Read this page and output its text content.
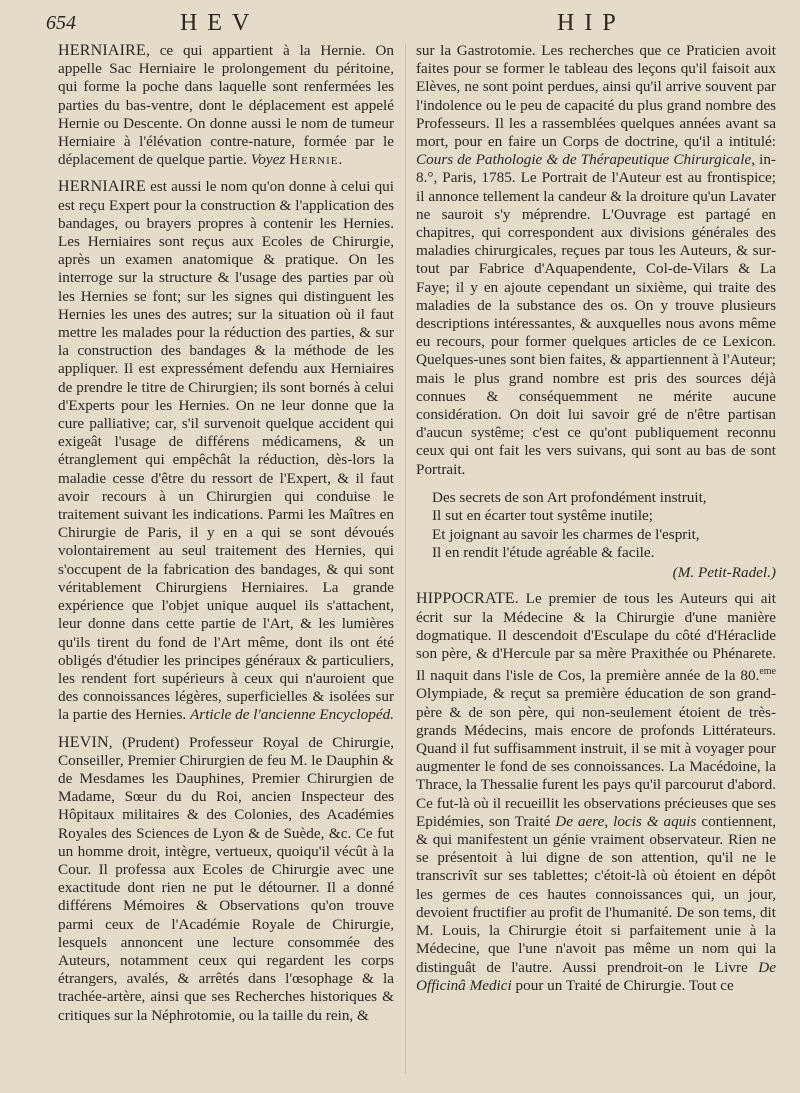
654	HEV	HIP

HERNIAIRE, ce qui appartient à la Hernie. On appelle Sac Herniaire le prolongement du péritoine, qui forme la poche dans laquelle sont renfermées les parties du bas-ventre, dont le déplacement est appelé Hernie ou Descente. On donne aussi le nom de tumeur Herniaire à l'élévation contre-nature, formée par le déplacement de quelque partie. Voyez Hernie.

HERNIAIRE est aussi le nom qu'on donne à celui qui est reçu Expert pour la construction & l'application des bandages, ou brayers propres à contenir les Hernies. Les Herniaires sont reçus aux Ecoles de Chirurgie, après un examen anatomique & pratique. On les interroge sur la structure & l'usage des parties par où les Hernies se font; sur les signes qui distinguent les Hernies les unes des autres; sur la situation où il faut mettre les malades pour la réduction des parties, & sur la construction des bandages & la méthode de les appliquer. Il est expressément defendu aux Herniaires de prendre le titre de Chirurgien; ils sont bornés à celui d'Experts pour les Hernies. On ne leur donne que la cure palliative; car, s'il survenoit quelque accident qui exigeât l'usage de différens médicamens, & un étranglement qui empêchât la réduction, dès-lors la maladie cesse d'être du ressort de l'Expert, & il faut avoir recours à un Chirurgien qui conduise le traitement suivant les indications. Parmi les Maîtres en Chirurgie de Paris, il y en a qui se sont dévoués volontairement au seul traitement des Hernies, qui s'occupent de la fabrication des bandages, & qui sont véritablement Chirurgiens Herniaires. La grande expérience que l'objet unique auquel ils s'attachent, leur donne dans cette partie de l'Art, & les lumières qu'ils tirent du fond de l'Art même, dont ils ont été obligés d'étudier les principes généraux & particuliers, les rendent fort supérieurs à ceux qui n'auroient que des connoissances légères, superficielles & isolées sur la partie des Hernies. Article de l'ancienne Encyclopéd.

HEVIN, (Prudent) Professeur Royal de Chirurgie, Conseiller, Premier Chirurgien de feu M. le Dauphin & de Mesdames les Dauphines, Premier Chirurgien de Madame, Sœur du du Roi, ancien Inspecteur des Hôpitaux militaires & des Colonies, des Académies Royales des Sciences de Lyon & de Suède, &c. Ce fut un homme droit, intègre, vertueux, quoiqu'il vécût à la Cour. Il professa aux Ecoles de Chirurgie avec une exactitude dont rien ne put le détourner. Il a donné différens Mémoires & Observations qu'on trouve parmi ceux de l'Académie Royale de Chirurgie, lesquels annoncent une lecture consommée des Auteurs, notamment ceux qui regardent les corps étrangers, avalés, & arrêtés dans l'œsophage & la trachée-artère, ainsi que ses Recherches historiques & critiques sur la Néphrotomie, ou la taille du rein, &

sur la Gastrotomie. Les recherches que ce Praticien avoit faites pour se former le tableau des leçons qu'il faisoit aux Elèves, ne sont point perdues, ainsi qu'il arrive souvent par l'indolence ou le peu de capacité du plus grand nombre des Professeurs. Il les a rassemblées quelques années avant sa mort, pour en faire un Corps de doctrine, qu'il a intitulé: Cours de Pathologie & de Thérapeutique Chirurgicale, in-8.°, Paris, 1785. Le Portrait de l'Auteur est au frontispice; il annonce tellement la candeur & la droiture qu'un Lavater ne sauroit s'y méprendre. L'Ouvrage est partagé en chapitres, qui correspondent aux divisions générales des maladies chirurgicales, reçues par tous les Auteurs, & sur-tout par Fabrice d'Aquapendente, Col-de-Vilars & La Faye; il y en ajoute cependant un sixième, qui traite des maladies de la substance des os. On y trouve plusieurs descriptions intéressantes, & auxquelles nous avons même eu recours, pour former quelques articles de ce Lexicon. Quelques-unes sont bien faites, & appartiennent à l'Auteur; mais le plus grand nombre est pris des sources déjà connues & conséquemment ne mérite aucune considération. On doit lui savoir gré de n'être partisan d'aucun systême; c'est ce qu'ont publiquement reconnu ceux qui ont fait les vers suivans, qui sont au bas de sont Portrait.

Des secrets de son Art profondément instruit,
Il sut en écarter tout systême inutile;
Et joignant au savoir les charmes de l'esprit,
Il en rendit l'étude agréable & facile.
(M. Petit-Radel.)

HIPPOCRATE. Le premier de tous les Auteurs qui ait écrit sur la Médecine & la Chirurgie d'une manière dogmatique. Il descendoit d'Esculape du côté d'Héraclide son père, & d'Hercule par sa mère Praxithée ou Phénarete. Il naquit dans l'isle de Cos, la première année de la 80.$^{eme}$ Olympiade, & reçut sa première éducation de son grand-père & de son père, qui non-seulement étoient de très-grands Médecins, mais encore de profonds Littérateurs. Quand il fut suffisamment instruit, il se mit à voyager pour augmenter le fond de ses connoissances. La Macédoine, la Thrace, la Thessalie furent les pays qu'il parcourut d'abord. Ce fut-là où il recueillit les observations précieuses que ses Epidémies, son Traité De aere, locis & aquis contiennent, & qui manifestent un génie vraiment observateur. Rien ne se présentoit à lui digne de son attention, qu'il ne le transcrivît sur ses tablettes; c'étoit-là où étoient en dépôt les germes de ces hautes connoissances qui, un jour, devoient fructifier au profit de l'humanité. De son tems, dit M. Louis, la Chirurgie étoit si parfaitement unie à la Médecine, que l'une n'avoit pas même un nom qui la distinguât de l'autre. Aussi prendroit-on le Livre De Officinâ Medici pour un Traité de Chirurgie. Tout ce
